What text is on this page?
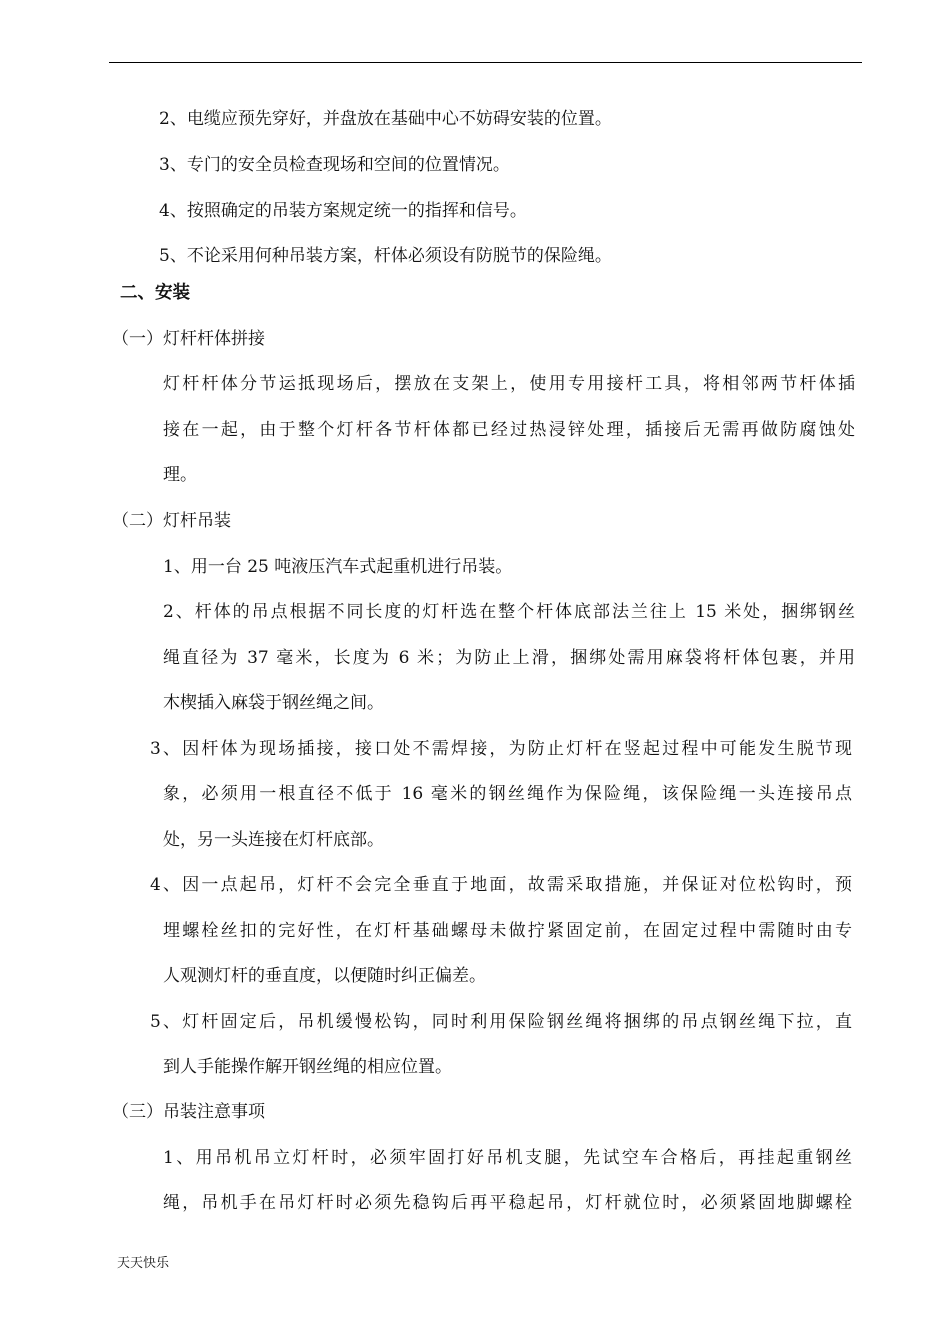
2、电缆应预先穿好，并盘放在基础中心不妨碍安装的位置。
3、专门的安全员检查现场和空间的位置情况。
4、按照确定的吊装方案规定统一的指挥和信号。
5、不论采用何种吊装方案，杆体必须设有防脱节的保险绳。
二、安装
（一）灯杆杆体拼接
灯杆杆体分节运抵现场后，摆放在支架上，使用专用接杆工具，将相邻两节杆体插
接在一起，由于整个灯杆各节杆体都已经过热浸锌处理，插接后无需再做防腐蚀处
理。
（二）灯杆吊装
1、用一台 25 吨液压汽车式起重机进行吊装。
2、杆体的吊点根据不同长度的灯杆选在整个杆体底部法兰往上 15 米处，捆绑钢丝
绳直径为 37 毫米，长度为 6 米；为防止上滑，捆绑处需用麻袋将杆体包裹，并用
木楔插入麻袋于钢丝绳之间。
3、因杆体为现场插接，接口处不需焊接，为防止灯杆在竖起过程中可能发生脱节现
象，必须用一根直径不低于 16 毫米的钢丝绳作为保险绳，该保险绳一头连接吊点
处，另一头连接在灯杆底部。
4、因一点起吊，灯杆不会完全垂直于地面，故需采取措施，并保证对位松钩时，预
埋螺栓丝扣的完好性，在灯杆基础螺母未做拧紧固定前，在固定过程中需随时由专
人观测灯杆的垂直度，以便随时纠正偏差。
5、灯杆固定后，吊机缓慢松钩，同时利用保险钢丝绳将捆绑的吊点钢丝绳下拉，直
到人手能操作解开钢丝绳的相应位置。
（三）吊装注意事项
1、用吊机吊立灯杆时，必须牢固打好吊机支腿，先试空车合格后，再挂起重钢丝
绳，吊机手在吊灯杆时必须先稳钩后再平稳起吊，灯杆就位时，必须紧固地脚螺栓
天天快乐
